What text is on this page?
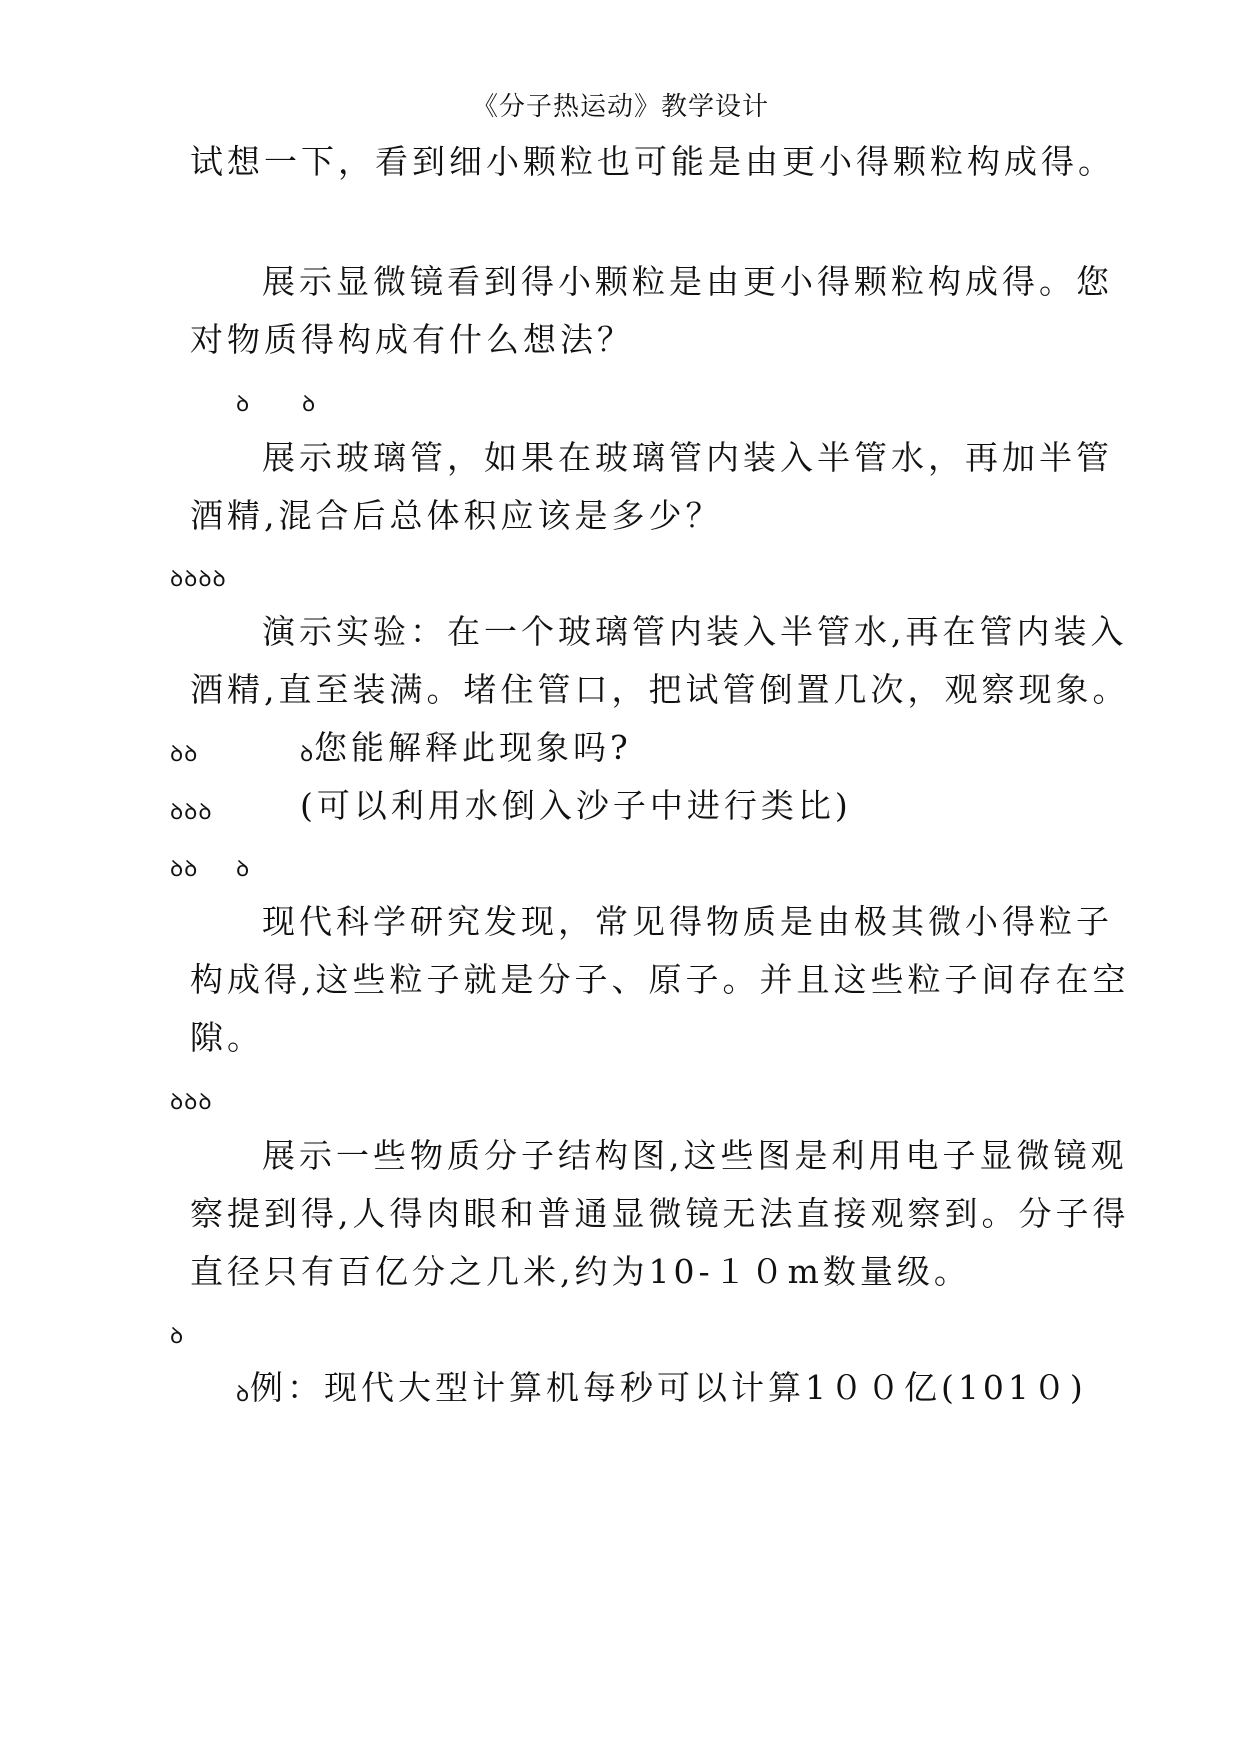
《分子热运动》教学设计
试想一下，看到细小颗粒也可能是由更小得颗粒构成得。
展示显微镜看到得小颗粒是由更小得颗粒构成得。您
对物质得构成有什么想法？
ꝺ ꝺ
展示玻璃管，如果在玻璃管内装入半管水，再加半管
酒精,混合后总体积应该是多少？
ꝺꝺꝺꝺ
演示实验：在一个玻璃管内装入半管水,再在管内装入
酒精,直至装满。堵住管口，把试管倒置几次，观察现象。
ꝺꝺ	ꝺ 您能解释此现象吗?
ꝺꝺꝺ	(可以利用水倒入沙子中进行类比)
ꝺꝺ ꝺ
现代科学研究发现，常见得物质是由极其微小得粒子
构成得,这些粒子就是分子、原子。并且这些粒子间存在空
隙。
ꝺꝺꝺ
展示一些物质分子结构图,这些图是利用电子显微镜观
察提到得,人得肉眼和普通显微镜无法直接观察到。分子得
直径只有百亿分之几米,约为10-１０m数量级。
ꝺ
ꝺ 例：现代大型计算机每秒可以计算1００亿(101０)
